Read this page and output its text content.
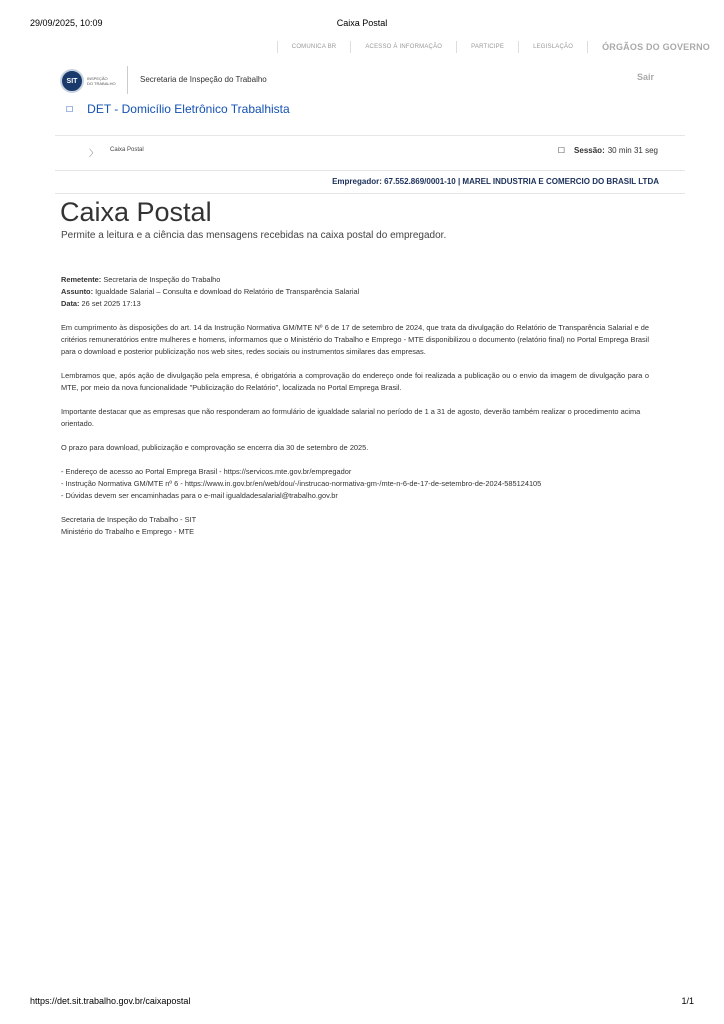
29/09/2025, 10:09	Caixa Postal
COMUNICA BR	ACESSO À INFORMAÇÃO	PARTICIPE	LEGISLAÇÃO	ÓRGÃOS DO GOVERNO
SIT	INSPEÇÃO
DO TRABALHO	Secretaria de Inspeção do Trabalho	Sair
☐ DET - Domicílio Eletrônico Trabalhista
〉 Caixa Postal	☐ Sessão: 30 min 31 seg
Empregador: 67.552.869/0001-10 | MAREL INDUSTRIA E COMERCIO DO BRASIL LTDA
Caixa Postal
Permite a leitura e a ciência das mensagens recebidas na caixa postal do empregador.

Remetente: Secretaria de Inspeção do Trabalho

Assunto: Igualdade Salarial – Consulta e download do Relatório de Transparência Salarial

Data: 26 set 2025 17:13

Em cumprimento às disposições do art. 14 da Instrução Normativa GM/MTE Nº 6 de 17 de setembro de 2024, que trata da divulgação do Relatório de Transparência Salarial e de critérios remuneratórios entre mulheres e homens, informamos que o Ministério do Trabalho e Emprego - MTE disponibilizou o documento (relatório final) no Portal Emprega Brasil para o download e posterior publicização nos web sites, redes sociais ou instrumentos similares das empresas.

Lembramos que, após ação de divulgação pela empresa, é obrigatória a comprovação do endereço onde foi realizada a publicação ou o envio da imagem de divulgação para o MTE, por meio da nova funcionalidade "Publicização do Relatório", localizada no Portal Emprega Brasil.

Importante destacar que as empresas que não responderam ao formulário de igualdade salarial no período de 1 a 31 de agosto, deverão também realizar o procedimento acima orientado.

O prazo para download, publicização e comprovação se encerra dia 30 de setembro de 2025.

- Endereço de acesso ao Portal Emprega Brasil - https://servicos.mte.gov.br/empregador

- Instrução Normativa GM/MTE nº 6 - https://www.in.gov.br/en/web/dou/-/instrucao-normativa-gm-/mte-n-6-de-17-de-setembro-de-2024-585124105

- Dúvidas devem ser encaminhadas para o e-mail igualdadesalarial@trabalho.gov.br

Secretaria de Inspeção do Trabalho - SIT

Ministério do Trabalho e Emprego - MTE

https://det.sit.trabalho.gov.br/caixapostal	1/1
